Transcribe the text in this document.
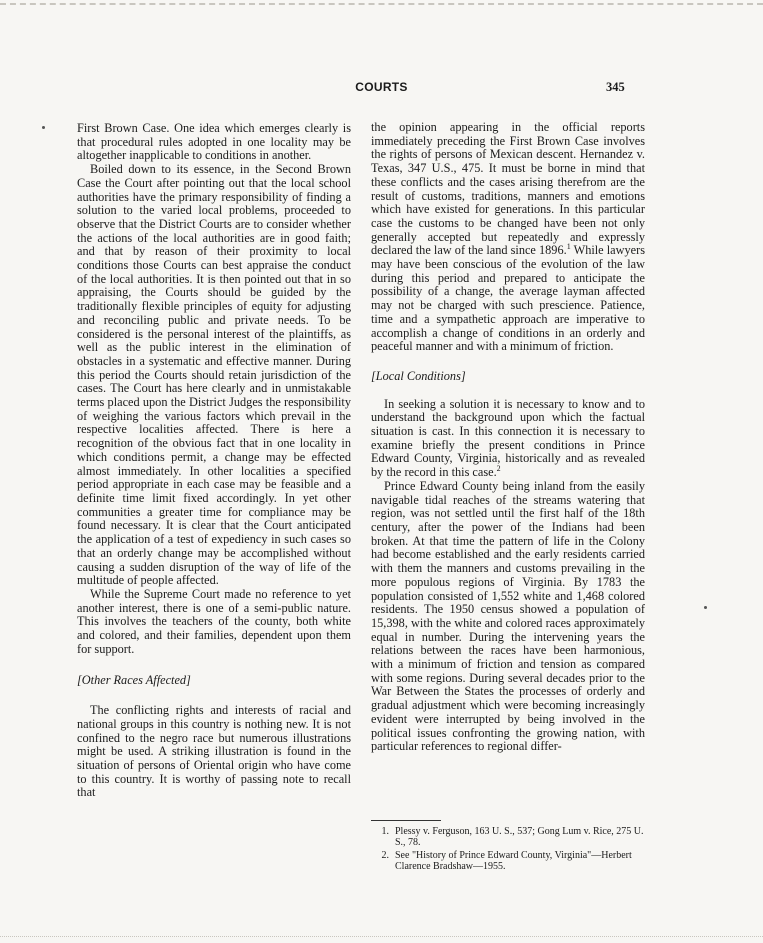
COURTS	345

First Brown Case. One idea which emerges clearly is that procedural rules adopted in one locality may be altogether inapplicable to conditions in another.

Boiled down to its essence, in the Second Brown Case the Court after pointing out that the local school authorities have the primary responsibility of finding a solution to the varied local problems, proceeded to observe that the District Courts are to consider whether the actions of the local authorities are in good faith; and that by reason of their proximity to local conditions those Courts can best appraise the conduct of the local authorities. It is then pointed out that in so appraising, the Courts should be guided by the traditionally flexible principles of equity for adjusting and reconciling public and private needs. To be considered is the personal interest of the plaintiffs, as well as the public interest in the elimination of obstacles in a systematic and effective manner. During this period the Courts should retain jurisdiction of the cases. The Court has here clearly and in unmistakable terms placed upon the District Judges the responsibility of weighing the various factors which prevail in the respective localities affected. There is here a recognition of the obvious fact that in one locality in which conditions permit, a change may be effected almost immediately. In other localities a specified period appropriate in each case may be feasible and a definite time limit fixed accordingly. In yet other communities a greater time for compliance may be found necessary. It is clear that the Court anticipated the application of a test of expediency in such cases so that an orderly change may be accomplished without causing a sudden disruption of the way of life of the multitude of people affected.

While the Supreme Court made no reference to yet another interest, there is one of a semi-public nature. This involves the teachers of the county, both white and colored, and their families, dependent upon them for support.

[Other Races Affected]

The conflicting rights and interests of racial and national groups in this country is nothing new. It is not confined to the negro race but numerous illustrations might be used. A striking illustration is found in the situation of persons of Oriental origin who have come to this country. It is worthy of passing note to recall that

the opinion appearing in the official reports immediately preceding the First Brown Case involves the rights of persons of Mexican descent. Hernandez v. Texas, 347 U.S., 475. It must be borne in mind that these conflicts and the cases arising therefrom are the result of customs, traditions, manners and emotions which have existed for generations. In this particular case the customs to be changed have been not only generally accepted but repeatedly and expressly declared the law of the land since 1896.$^1$ While lawyers may have been conscious of the evolution of the law during this period and prepared to anticipate the possibility of a change, the average layman affected may not be charged with such prescience. Patience, time and a sympathetic approach are imperative to accomplish a change of conditions in an orderly and peaceful manner and with a minimum of friction.

[Local Conditions]

In seeking a solution it is necessary to know and to understand the background upon which the factual situation is cast. In this connection it is necessary to examine briefly the present conditions in Prince Edward County, Virginia, historically and as revealed by the record in this case.$^2$

Prince Edward County being inland from the easily navigable tidal reaches of the streams watering that region, was not settled until the first half of the 18th century, after the power of the Indians had been broken. At that time the pattern of life in the Colony had become established and the early residents carried with them the manners and customs prevailing in the more populous regions of Virginia. By 1783 the population consisted of 1,552 white and 1,468 colored residents. The 1950 census showed a population of 15,398, with the white and colored races approximately equal in number. During the intervening years the relations between the races have been harmonious, with a minimum of friction and tension as compared with some regions. During several decades prior to the War Between the States the processes of orderly and gradual adjustment which were becoming increasingly evident were interrupted by being involved in the political issues confronting the growing nation, with particular references to regional differ-

1. Plessy v. Ferguson, 163 U. S., 537; Gong Lum v. Rice, 275 U. S., 78.
2. See "History of Prince Edward County, Virginia"—Herbert Clarence Bradshaw—1955.
